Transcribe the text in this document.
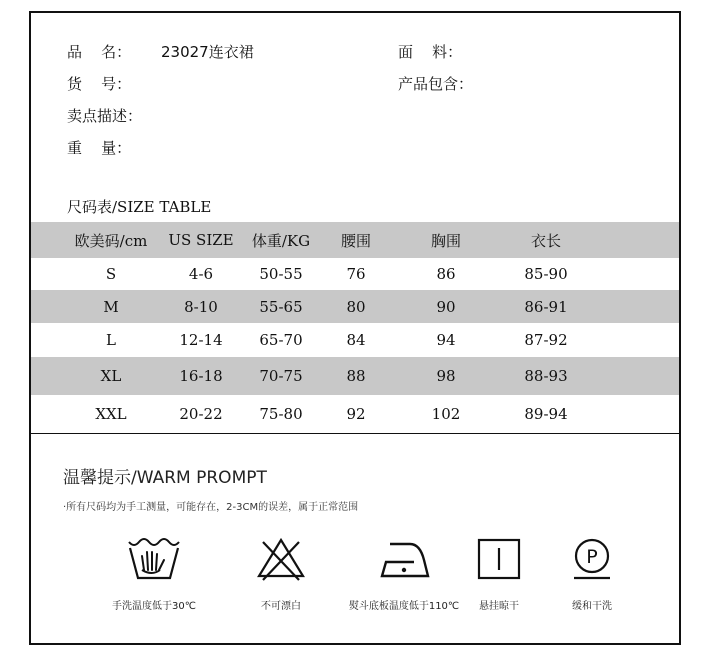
品    名： 23027连衣裙	面    料：
货    号：	产品包含：
卖点描述：
重    量：
尺码表/SIZE TABLE
欧美码/cm	US SIZE	体重/KG	腰围	胸围	衣长
S	4-6	50-55	76	86	85-90
M	8-10	55-65	80	90	86-91
L	12-14	65-70	84	94	87-92
XL	16-18	70-75	88	98	88-93
XXL	20-22	75-80	92	102	89-94
温馨提示/WARM PROMPT
·所有尺码均为手工测量，可能存在，2-3CM的误差，属于正常范围
手洗温度低于30℃	不可漂白	熨斗底板温度低于110℃	悬挂晾干
P
缓和干洗
